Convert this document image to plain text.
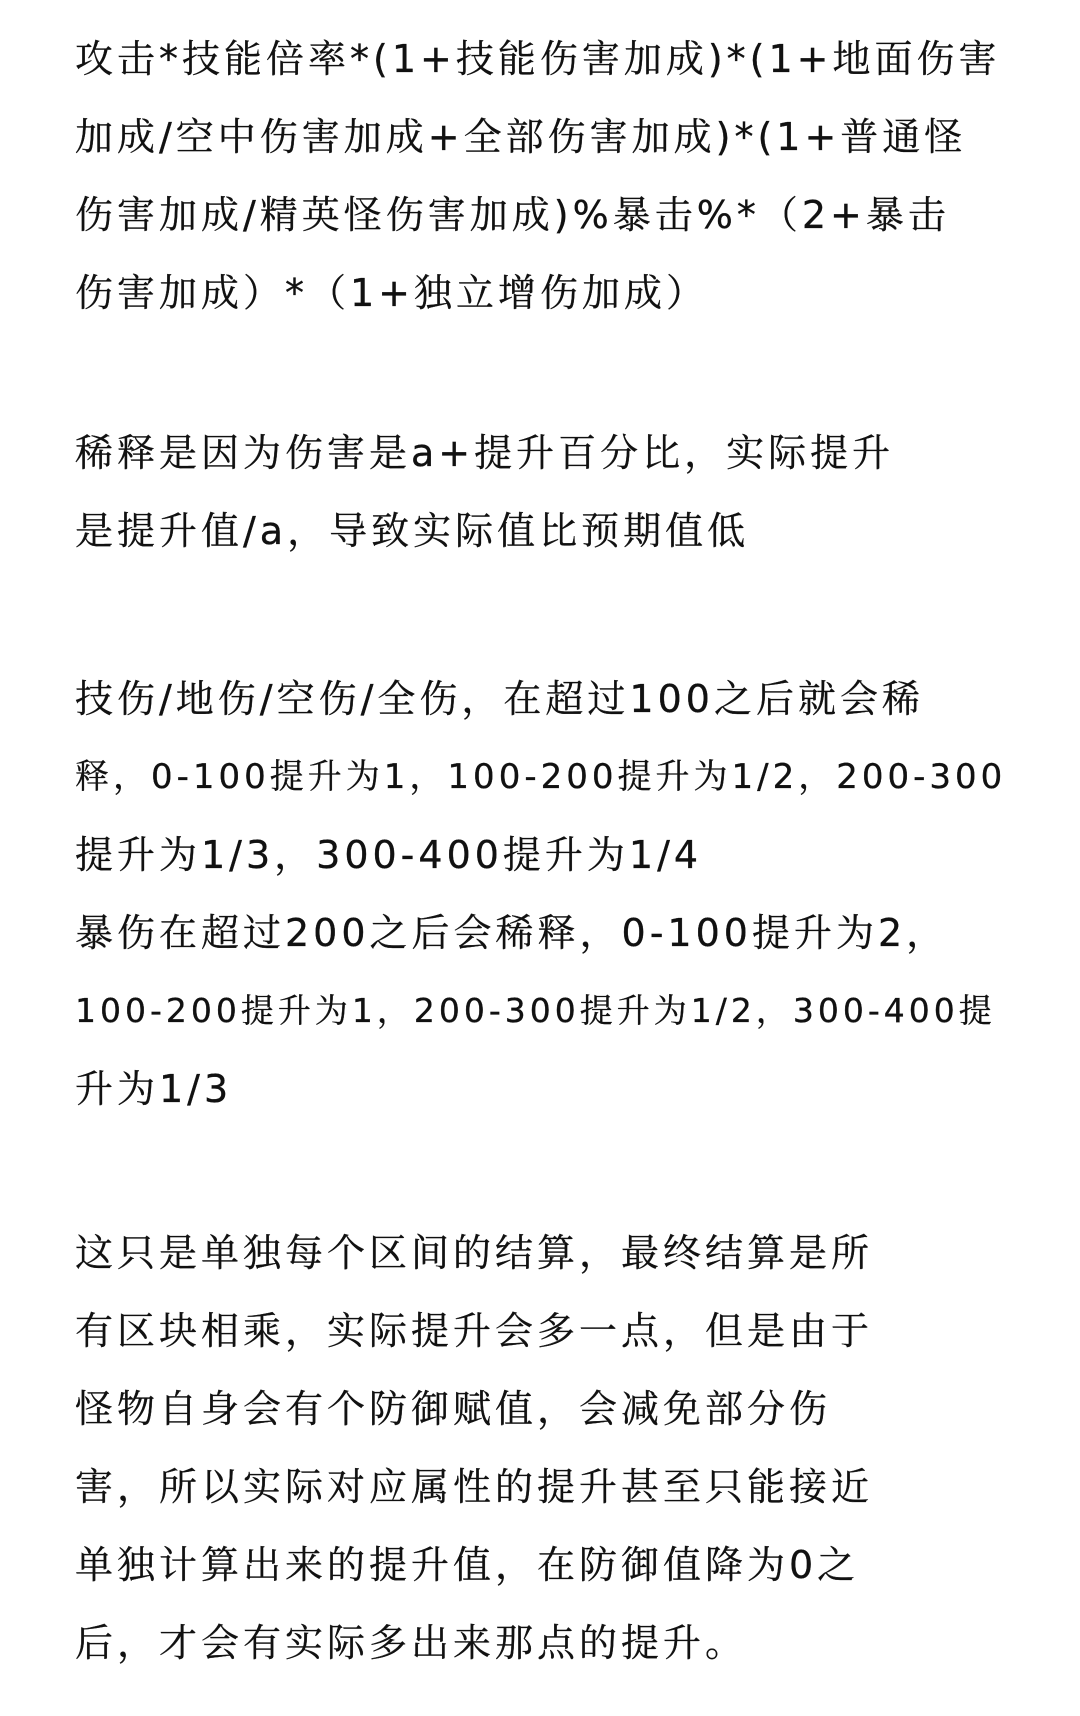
攻击*技能倍率*(1+技能伤害加成)*(1+地面伤害
加成/空中伤害加成+全部伤害加成)*(1+普通怪
伤害加成/精英怪伤害加成)%暴击%*（2+暴击
伤害加成）*（1+独立增伤加成）
稀释是因为伤害是a+提升百分比，实际提升
是提升值/a，导致实际值比预期值低
技伤/地伤/空伤/全伤，在超过100之后就会稀
释，0-100提升为1，100-200提升为1/2，200-300
提升为1/3，300-400提升为1/4
暴伤在超过200之后会稀释，0-100提升为2，
100-200提升为1，200-300提升为1/2，300-400提
升为1/3
这只是单独每个区间的结算，最终结算是所
有区块相乘，实际提升会多一点，但是由于
怪物自身会有个防御赋值，会减免部分伤
害，所以实际对应属性的提升甚至只能接近
单独计算出来的提升值，在防御值降为0之
后，才会有实际多出来那点的提升。
